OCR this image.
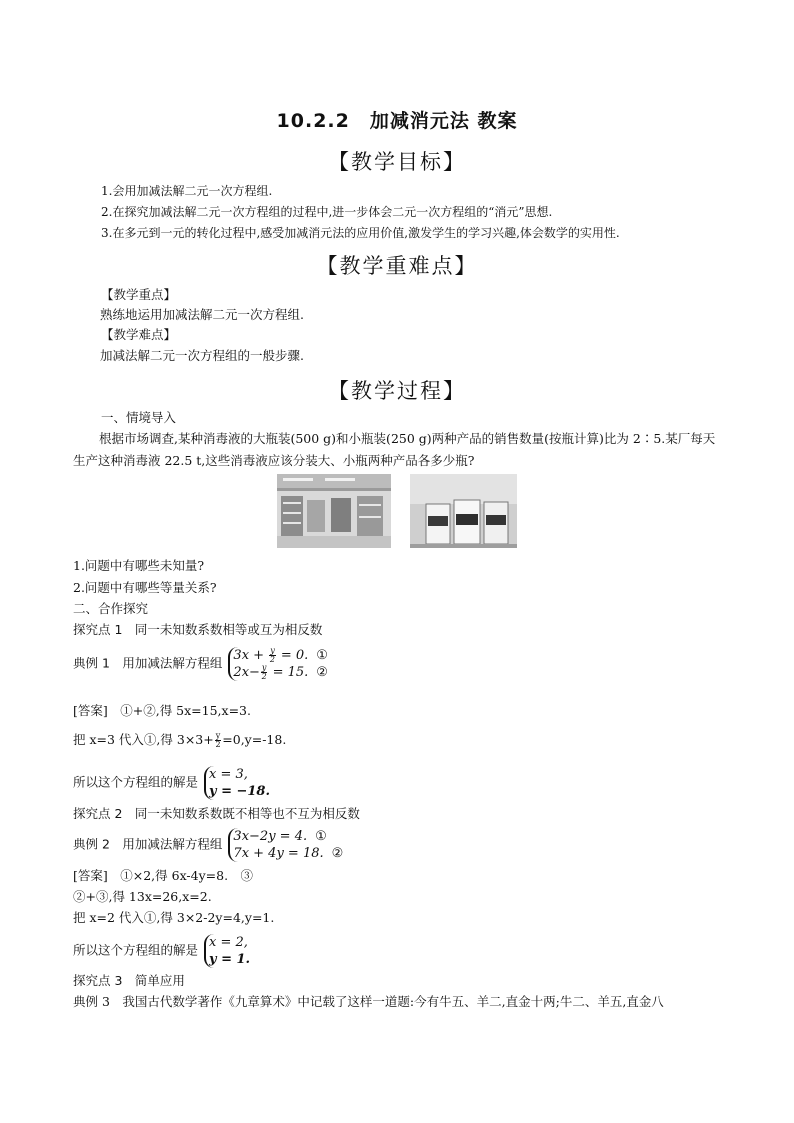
10.2.2　加减消元法 教案
【教学目标】
1.会用加减法解二元一次方程组.
2.在探究加减法解二元一次方程组的过程中,进一步体会二元一次方程组的“消元”思想.
3.在多元到一元的转化过程中,感受加减消元法的应用价值,激发学生的学习兴趣,体会数学的实用性.
【教学重难点】
【教学重点】
熟练地运用加减法解二元一次方程组.
【教学难点】
加减法解二元一次方程组的一般步骤.
【教学过程】
一、情境导入
根据市场调查,某种消毒液的大瓶装(500 g)和小瓶装(250 g)两种产品的销售数量(按瓶计算)比为 2∶5.某厂每天生产这种消毒液 22.5 t,这些消毒液应该分装大、小瓶两种产品各多少瓶?
1.问题中有哪些未知量?
2.问题中有哪些等量关系?
二、合作探究
探究点 1　同一未知数系数相等或互为相反数
典例 1　用加减法解方程组 $3x + \frac{y}{2} = 0$. ①
$2x- \frac{y}{2} = 15$. ②
[答案]　①+②,得 5x=15,x=3.
把 x=3 代入①,得 $3\times 3+ \frac{y}{2} =0,y=-18$.
所以这个方程组的解是 x = 3,
y = −18.
探究点 2　同一未知数系数既不相等也不互为相反数
典例 2　用加减法解方程组 3x−2y = 4. ①
7x + 4y = 18. ②
[答案]　①×2,得 6x-4y=8.　③
②+③,得 13x=26,x=2.
把 x=2 代入①,得 3×2-2y=4,y=1.
所以这个方程组的解是 x = 2,
y = 1.
探究点 3　简单应用
典例 3　我国古代数学著作《九章算术》中记载了这样一道题:今有牛五、羊二,直金十两;牛二、羊五,直金八
